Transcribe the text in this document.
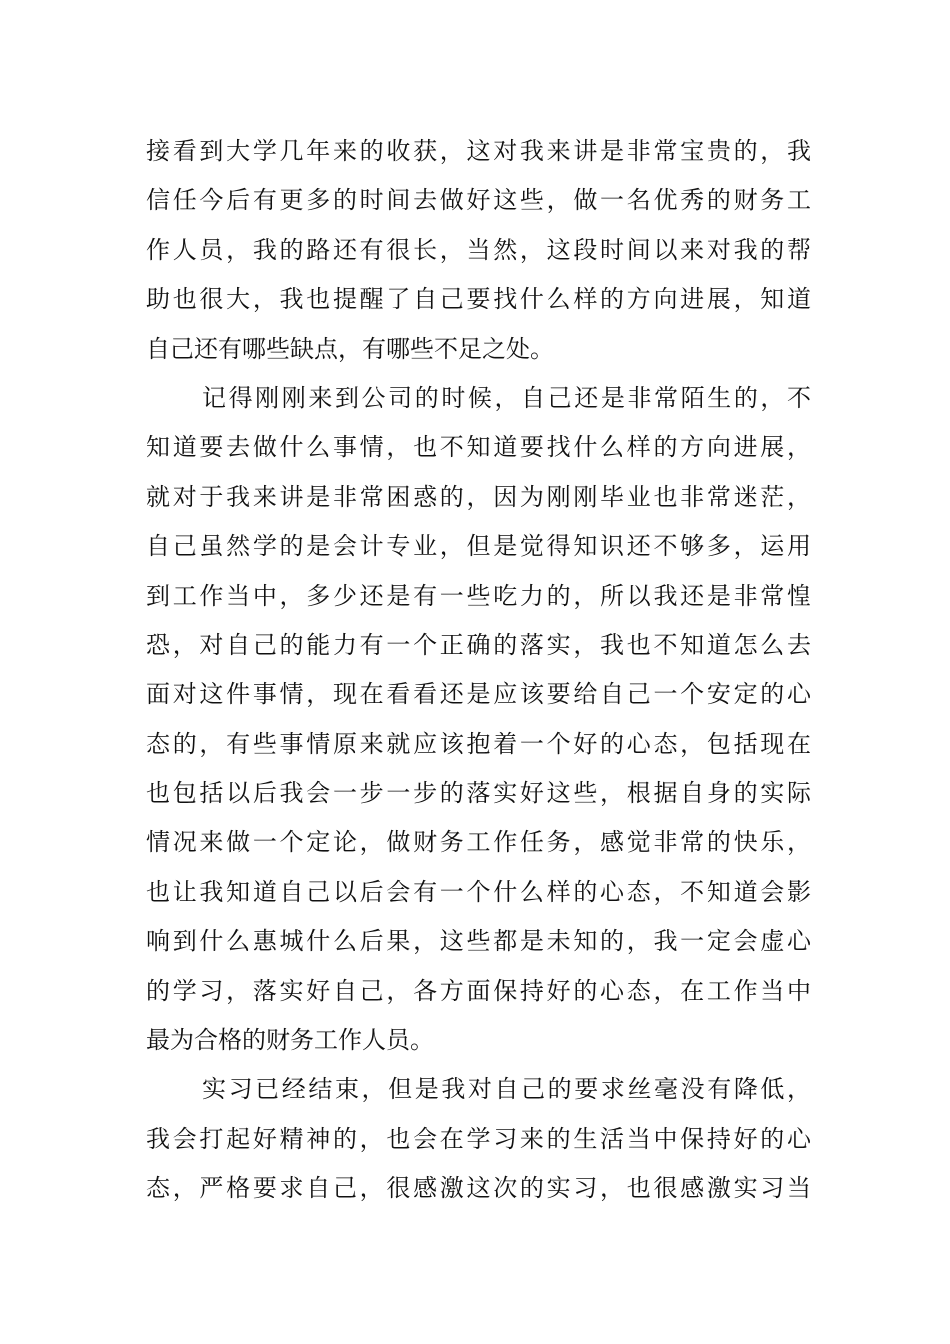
接看到大学几年来的收获，这对我来讲是非常宝贵的，我
信任今后有更多的时间去做好这些，做一名优秀的财务工
作人员，我的路还有很长，当然，这段时间以来对我的帮
助也很大，我也提醒了自己要找什么样的方向进展，知道
自己还有哪些缺点，有哪些不足之处。
记得刚刚来到公司的时候，自己还是非常陌生的，不
知道要去做什么事情，也不知道要找什么样的方向进展，
就对于我来讲是非常困惑的，因为刚刚毕业也非常迷茫，
自己虽然学的是会计专业，但是觉得知识还不够多，运用
到工作当中，多少还是有一些吃力的，所以我还是非常惶
恐，对自己的能力有一个正确的落实，我也不知道怎么去
面对这件事情，现在看看还是应该要给自己一个安定的心
态的，有些事情原来就应该抱着一个好的心态，包括现在
也包括以后我会一步一步的落实好这些，根据自身的实际
情况来做一个定论，做财务工作任务，感觉非常的快乐，
也让我知道自己以后会有一个什么样的心态，不知道会影
响到什么惠城什么后果，这些都是未知的，我一定会虚心
的学习，落实好自己，各方面保持好的心态，在工作当中
最为合格的财务工作人员。
实习已经结束，但是我对自己的要求丝毫没有降低，
我会打起好精神的，也会在学习来的生活当中保持好的心
态，严格要求自己，很感激这次的实习，也很感激实习当
